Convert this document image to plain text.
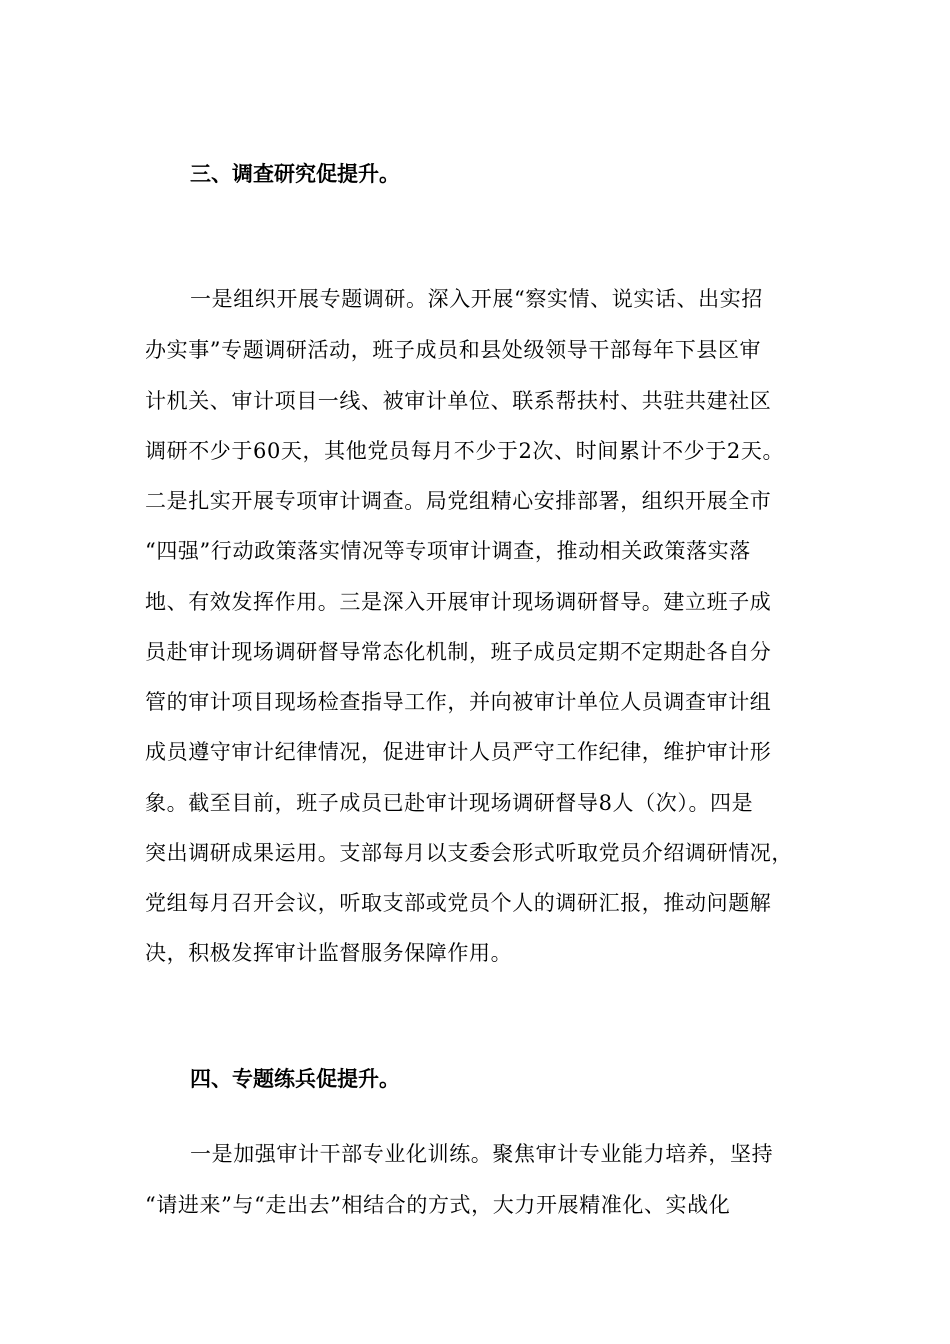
三、调查研究促提升。
一是组织开展专题调研。深入开展“察实情、说实话、出实招
办实事”专题调研活动，班子成员和县处级领导干部每年下县区审
计机关、审计项目一线、被审计单位、联系帮扶村、共驻共建社区
调研不少于60天，其他党员每月不少于2次、时间累计不少于2天。
二是扎实开展专项审计调查。局党组精心安排部署，组织开展全市
“四强”行动政策落实情况等专项审计调查，推动相关政策落实落
地、有效发挥作用。三是深入开展审计现场调研督导。建立班子成
员赴审计现场调研督导常态化机制，班子成员定期不定期赴各自分
管的审计项目现场检查指导工作，并向被审计单位人员调查审计组
成员遵守审计纪律情况，促进审计人员严守工作纪律，维护审计形
象。截至目前，班子成员已赴审计现场调研督导8人（次）。四是
突出调研成果运用。支部每月以支委会形式听取党员介绍调研情况，
党组每月召开会议，听取支部或党员个人的调研汇报，推动问题解
决，积极发挥审计监督服务保障作用。
四、专题练兵促提升。
一是加强审计干部专业化训练。聚焦审计专业能力培养，坚持
“请进来”与“走出去”相结合的方式，大力开展精准化、实战化
